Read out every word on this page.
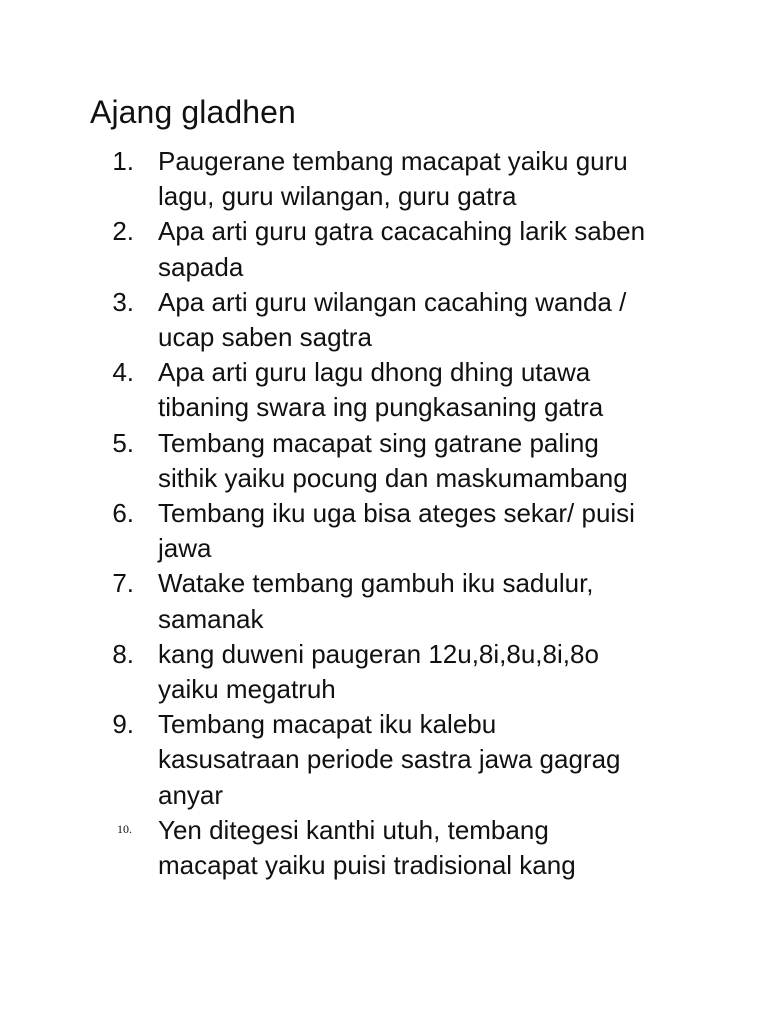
Ajang gladhen
1. Paugerane tembang macapat yaiku guru
lagu, guru wilangan, guru gatra
2. Apa arti guru gatra cacacahing larik saben
sapada
3. Apa arti guru wilangan cacahing wanda /
ucap saben sagtra
4. Apa arti guru lagu dhong dhing utawa
tibaning swara ing pungkasaning gatra
5. Tembang macapat sing gatrane paling
sithik yaiku pocung dan maskumambang
6. Tembang iku uga bisa ateges sekar/ puisi
jawa
7. Watake tembang gambuh iku sadulur,
samanak
8. kang duweni paugeran 12u,8i,8u,8i,8o
yaiku megatruh
9. Tembang macapat iku kalebu
kasusatraan periode sastra jawa gagrag
anyar
10. Yen ditegesi kanthi utuh, tembang
macapat yaiku puisi tradisional kang
